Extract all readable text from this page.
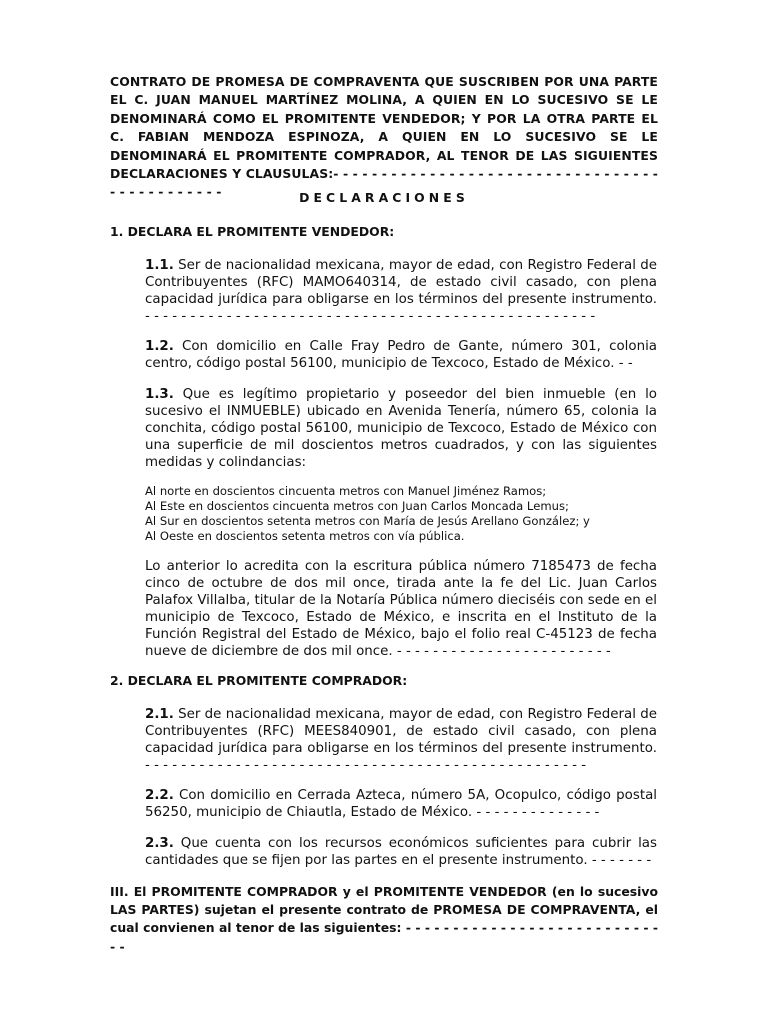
CONTRATO DE PROMESA DE COMPRAVENTA QUE SUSCRIBEN POR UNA PARTE EL C. JUAN MANUEL MARTÍNEZ MOLINA, A QUIEN EN LO SUCESIVO SE LE DENOMINARÁ COMO EL PROMITENTE VENDEDOR; Y POR LA OTRA PARTE EL C. FABIAN MENDOZA ESPINOZA, A QUIEN EN LO SUCESIVO SE LE DENOMINARÁ EL PROMITENTE COMPRADOR, AL TENOR DE LAS SIGUIENTES DECLARACIONES Y CLAUSULAS:- - - - - - - - - - - - - - - - - - - - - - - - - - - - - - - - - - - - - - - - - - - - - -	DECLARACIONES
1. DECLARA EL PROMITENTE VENDEDOR:
1.1. Ser de nacionalidad mexicana, mayor de edad, con Registro Federal de Contribuyentes (RFC) MAMO640314, de estado civil casado, con plena capacidad jurídica para obligarse en los términos del presente instrumento. - - - - - - - - - - - - - - - - - - - - - - - - - - - - - - - - - - - - - - - - - - - - - - - - - -
1.2. Con domicilio en Calle Fray Pedro de Gante, número 301, colonia centro, código postal 56100, municipio de Texcoco, Estado de México. - -
1.3. Que es legítimo propietario y poseedor del bien inmueble (en lo sucesivo el INMUEBLE) ubicado en Avenida Tenería, número 65, colonia la conchita, código postal 56100, municipio de Texcoco, Estado de México con una superficie de mil doscientos metros cuadrados, y con las siguientes medidas y colindancias:
Al norte en doscientos cincuenta metros con Manuel Jiménez Ramos;
Al Este en doscientos cincuenta metros con Juan Carlos Moncada Lemus;
Al Sur en doscientos setenta metros con María de Jesús Arellano González; y
Al Oeste en doscientos setenta metros con vía pública.
Lo anterior lo acredita con la escritura pública número 7185473 de fecha cinco de octubre de dos mil once, tirada ante la fe del Lic. Juan Carlos Palafox Villalba, titular de la Notaría Pública número dieciséis con sede en el municipio de Texcoco, Estado de México, e inscrita en el Instituto de la Función Registral del Estado de México, bajo el folio real C-45123 de fecha nueve de diciembre de dos mil once. - - - - - - - - - - - - - - - - - - - - - - - -
2. DECLARA EL PROMITENTE COMPRADOR:
2.1. Ser de nacionalidad mexicana, mayor de edad, con Registro Federal de Contribuyentes (RFC) MEES840901, de estado civil casado, con plena capacidad jurídica para obligarse en los términos del presente instrumento. - - - - - - - - - - - - - - - - - - - - - - - - - - - - - - - - - - - - - - - - - - - - - - - - -
2.2. Con domicilio en Cerrada Azteca, número 5A, Ocopulco, código postal 56250, municipio de Chiautla, Estado de México. - - - - - - - - - - - - - -
2.3. Que cuenta con los recursos económicos suficientes para cubrir las cantidades que se fijen por las partes en el presente instrumento. - - - - - - -
III. El PROMITENTE COMPRADOR y el PROMITENTE VENDEDOR (en lo sucesivo LAS PARTES) sujetan el presente contrato de PROMESA DE COMPRAVENTA, el cual convienen al tenor de las siguientes: - - - - - - - - - - - - - - - - - - - - - - - - - - - - -
